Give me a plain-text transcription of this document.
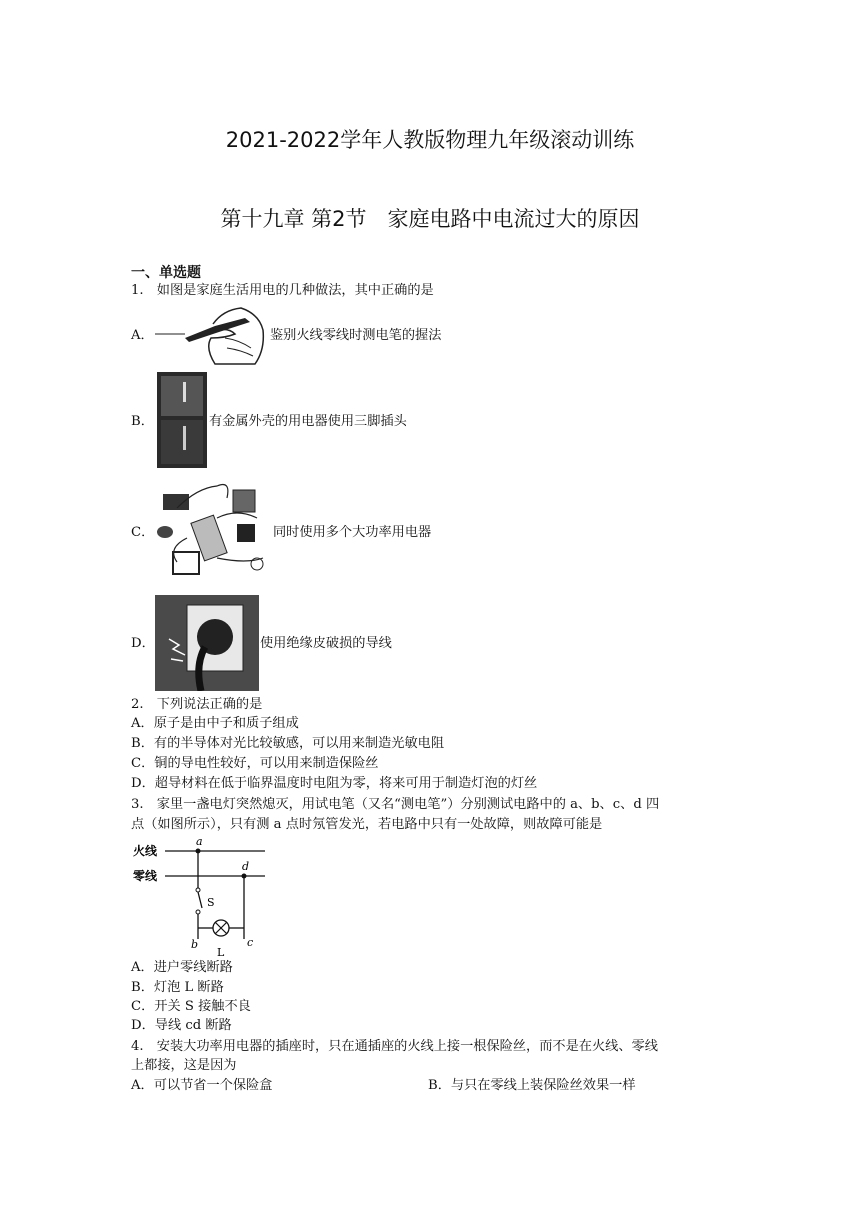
2021-2022学年人教版物理九年级滚动训练
第十九章 第2节　家庭电路中电流过大的原因
一、单选题
1.　如图是家庭生活用电的几种做法，其中正确的是
A．	鉴别火线零线时测电笔的握法
B．	有金属外壳的用电器使用三脚插头
C．	同时使用多个大功率用电器
D．	使用绝缘皮破损的导线
2.　下列说法正确的是
A．原子是由中子和质子组成
B．有的半导体对光比较敏感，可以用来制造光敏电阻
C．铜的导电性较好，可以用来制造保险丝
D．超导材料在低于临界温度时电阻为零，将来可用于制造灯泡的灯丝
3.　家里一盏电灯突然熄灭，用试电笔（又名“测电笔”）分别测试电路中的 a、b、c、d 四
点（如图所示），只有测 a 点时氖管发光，若电路中只有一处故障，则故障可能是
火线
零线
a
d
S
b
L
c
A．进户零线断路
B．灯泡 L 断路
C．开关 S 接触不良
D．导线 cd 断路
4.　安装大功率用电器的插座时，只在通插座的火线上接一根保险丝，而不是在火线、零线
上都接，这是因为
A．可以节省一个保险盒	B．与只在零线上装保险丝效果一样
